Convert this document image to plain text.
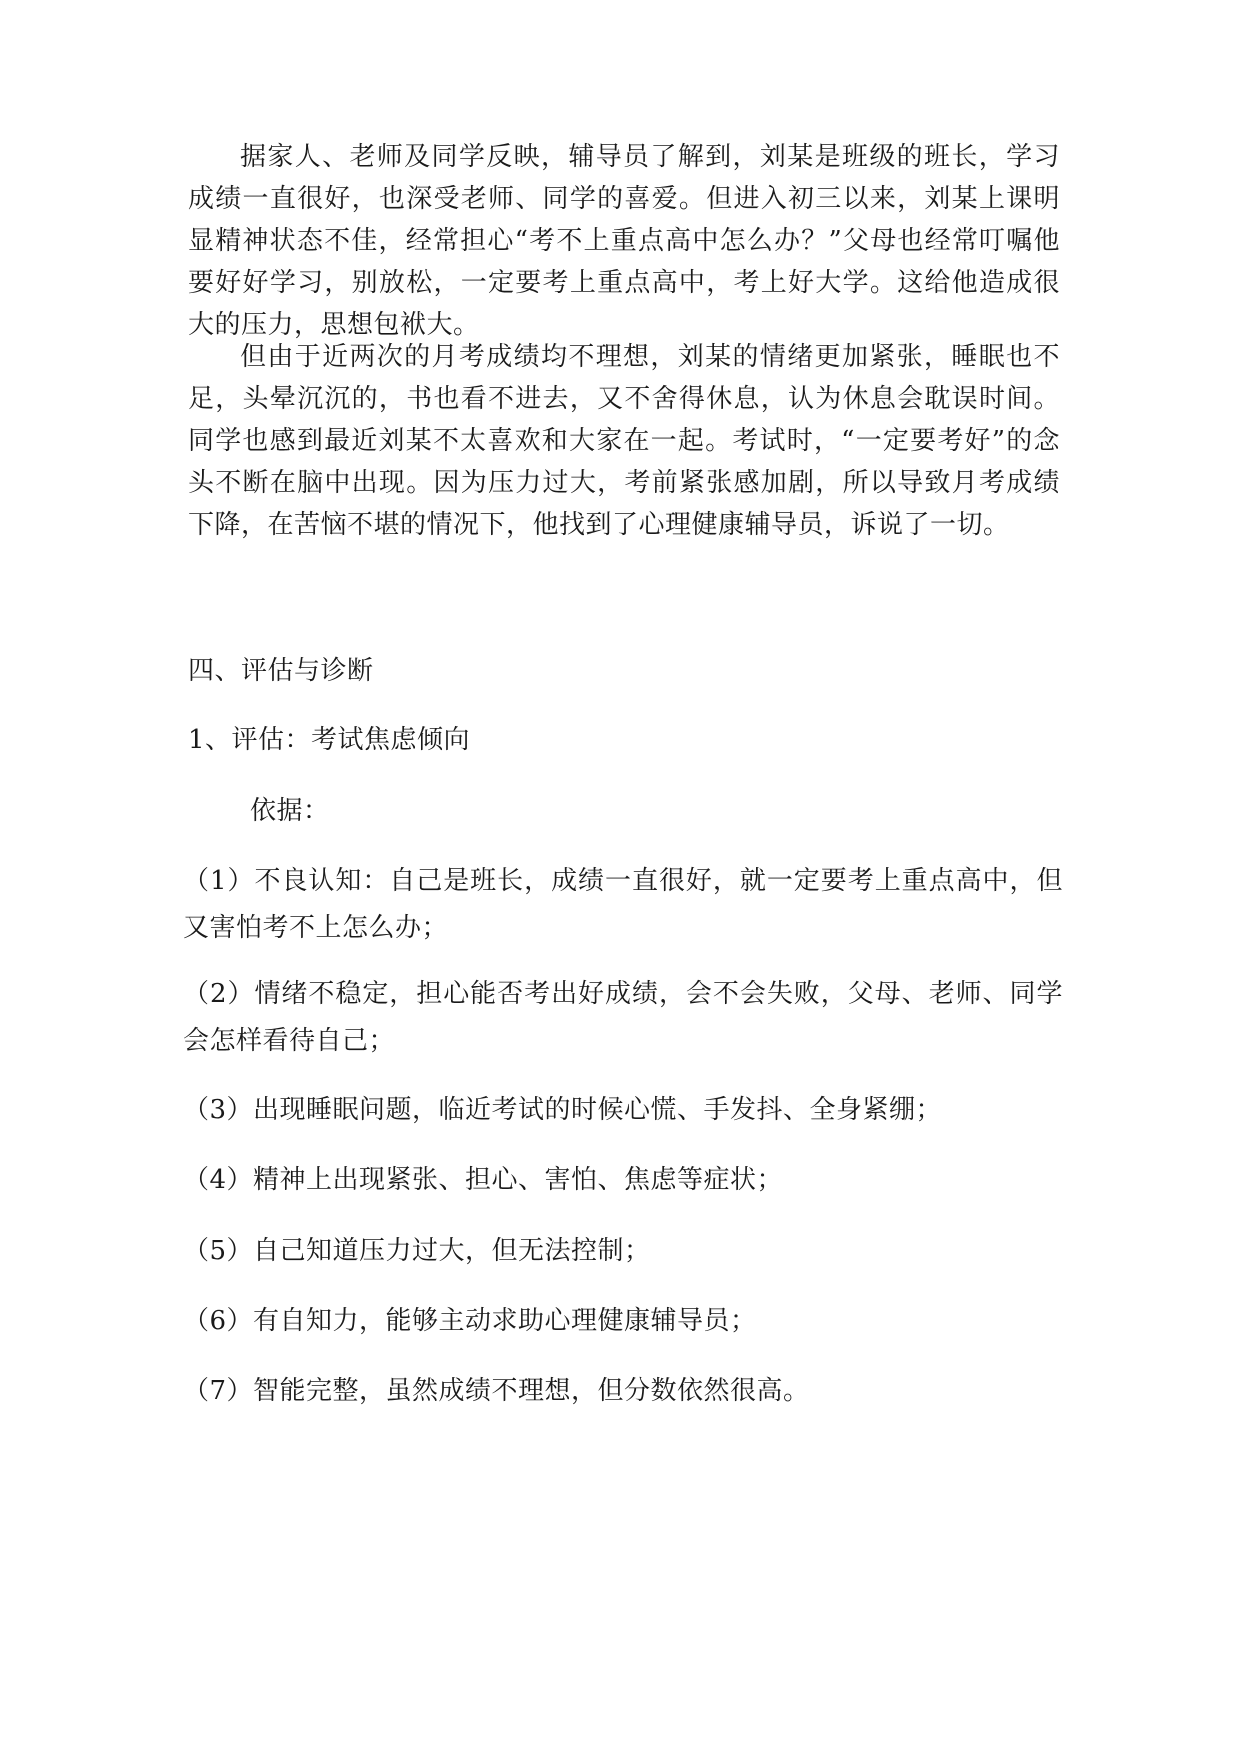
据家人、老师及同学反映，辅导员了解到，刘某是班级的班长，学习成绩一直很好，也深受老师、同学的喜爱。但进入初三以来，刘某上课明显精神状态不佳，经常担心“考不上重点高中怎么办？”父母也经常叮嘱他要好好学习，别放松，一定要考上重点高中，考上好大学。这给他造成很大的压力，思想包袱大。

但由于近两次的月考成绩均不理想，刘某的情绪更加紧张，睡眠也不足，头晕沉沉的，书也看不进去，又不舍得休息，认为休息会耽误时间。同学也感到最近刘某不太喜欢和大家在一起。考试时，“一定要考好”的念头不断在脑中出现。因为压力过大，考前紧张感加剧，所以导致月考成绩下降，在苦恼不堪的情况下，他找到了心理健康辅导员，诉说了一切。

四、评估与诊断

1、评估：考试焦虑倾向

依据：

（1）不良认知：自己是班长，成绩一直很好，就一定要考上重点高中，但又害怕考不上怎么办；

（2）情绪不稳定，担心能否考出好成绩，会不会失败，父母、老师、同学会怎样看待自己；

（3）出现睡眠问题，临近考试的时候心慌、手发抖、全身紧绷；

（4）精神上出现紧张、担心、害怕、焦虑等症状；

（5）自己知道压力过大，但无法控制；

（6）有自知力，能够主动求助心理健康辅导员；

（7）智能完整，虽然成绩不理想，但分数依然很高。
